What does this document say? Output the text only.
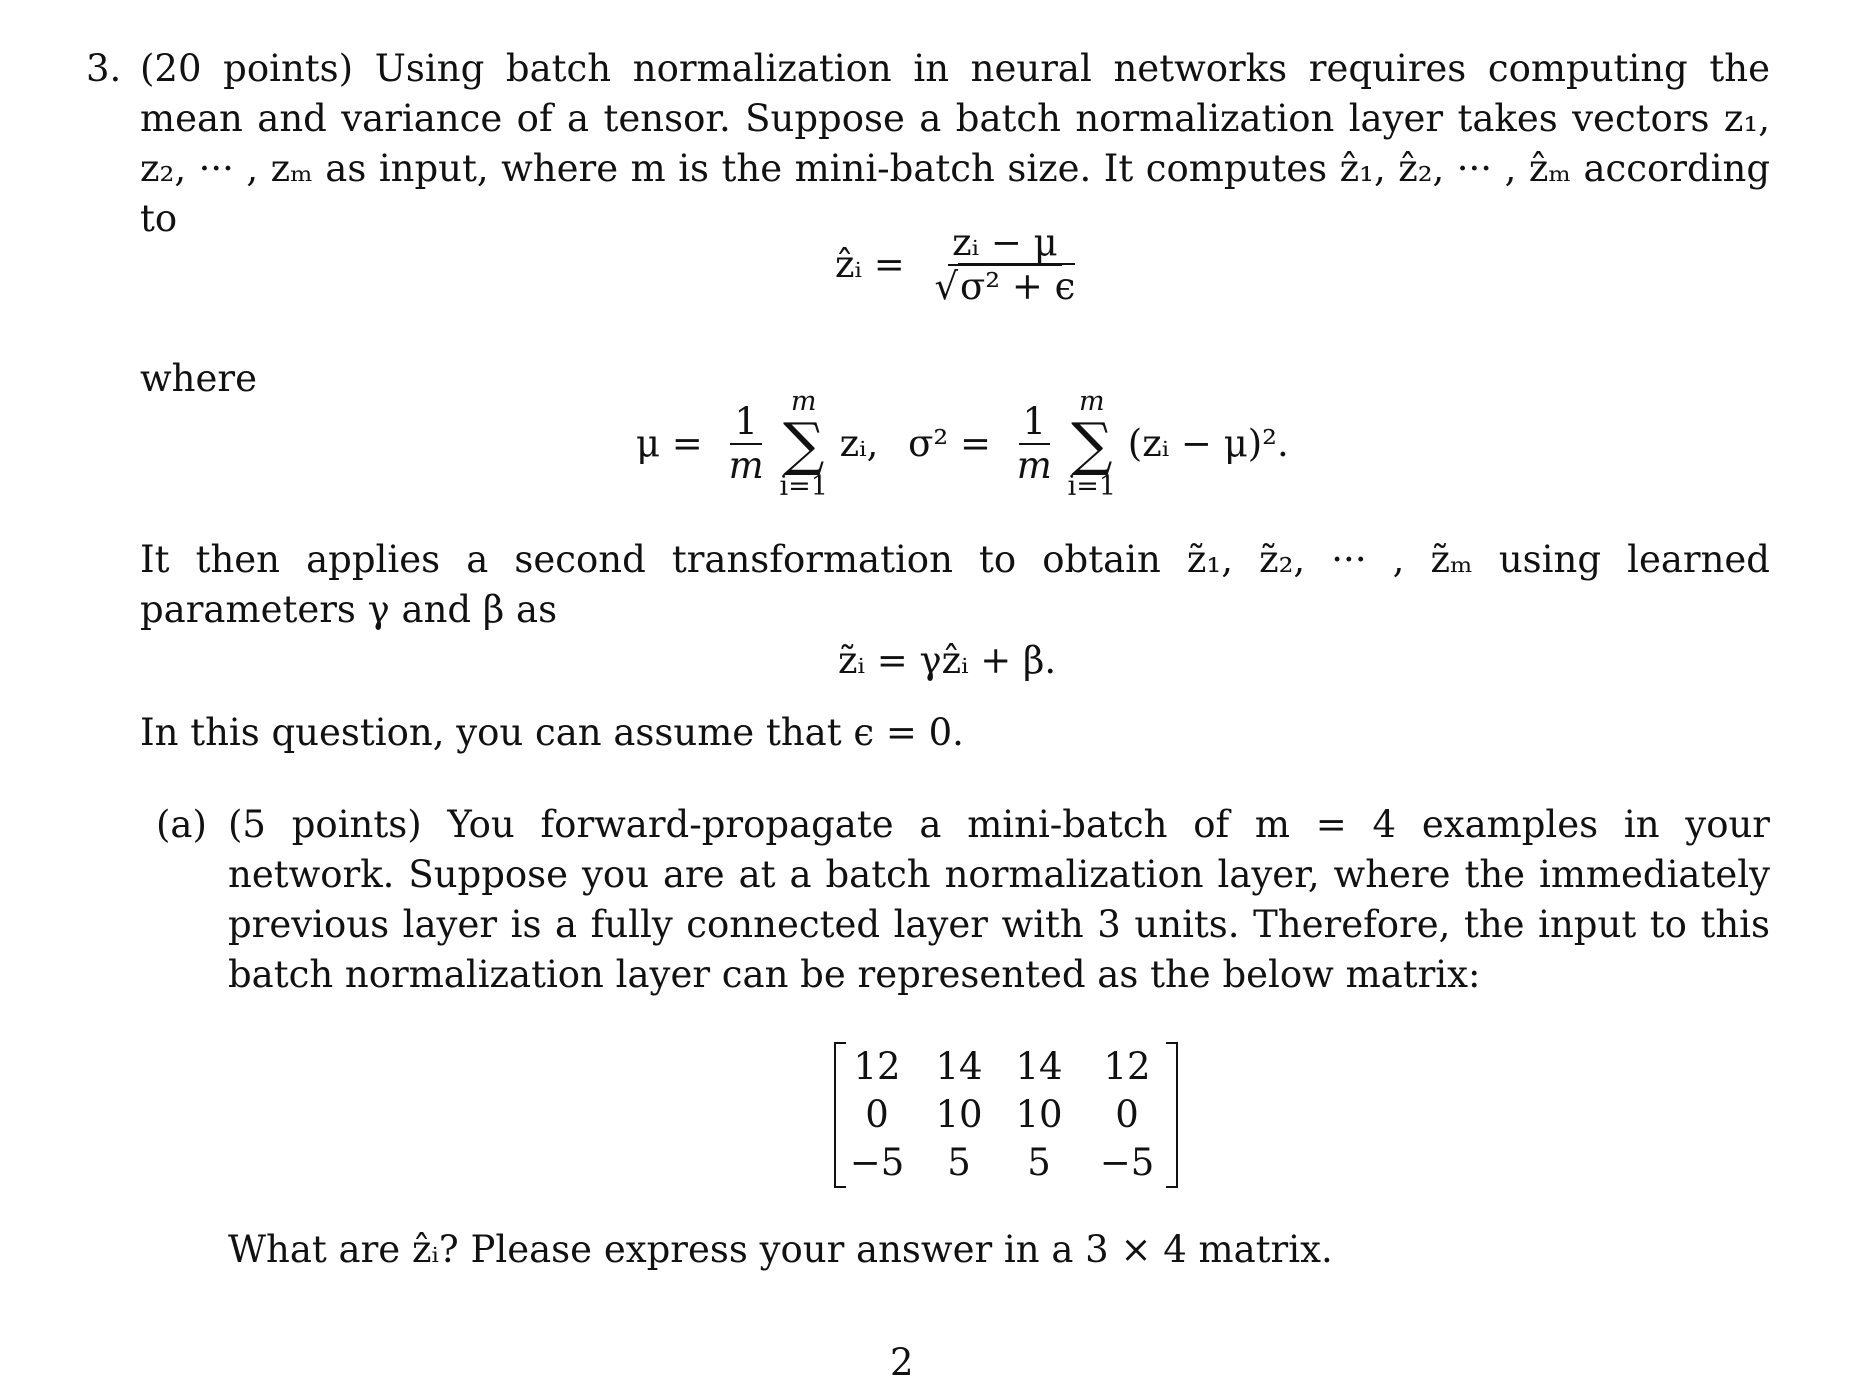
3. (20 points) Using batch normalization in neural networks requires computing the mean and variance of a tensor. Suppose a batch normalization layer takes vectors z₁, z₂, ··· , zₘ as input, where m is the mini-batch size. It computes ẑ₁, ẑ₂, ··· , ẑₘ according to
ẑᵢ = $\frac{\text{zᵢ − μ}}{\text{√σ² + ϵ}}$
where
$\mu = \frac{1}{m}$
m
∑
i=1
zᵢ, $\sigma^2 = \frac{1}{m}$
m
∑
i=1
(zᵢ − μ)².
It then applies a second transformation to obtain z̃₁, z̃₂, ··· , z̃ₘ using learned parameters γ and β as
z̃ᵢ = γẑᵢ + β.
In this question, you can assume that ϵ = 0.
(a) (5 points) You forward-propagate a mini-batch of m = 4 examples in your network. Suppose you are at a batch normalization layer, where the immediately previous layer is a fully connected layer with 3 units. Therefore, the input to this batch normalization layer can be represented as the below matrix:
12 14 14	12
0	10 10	0
−5	5	5	−5
What are ẑᵢ? Please express your answer in a 3 × 4 matrix.
2
